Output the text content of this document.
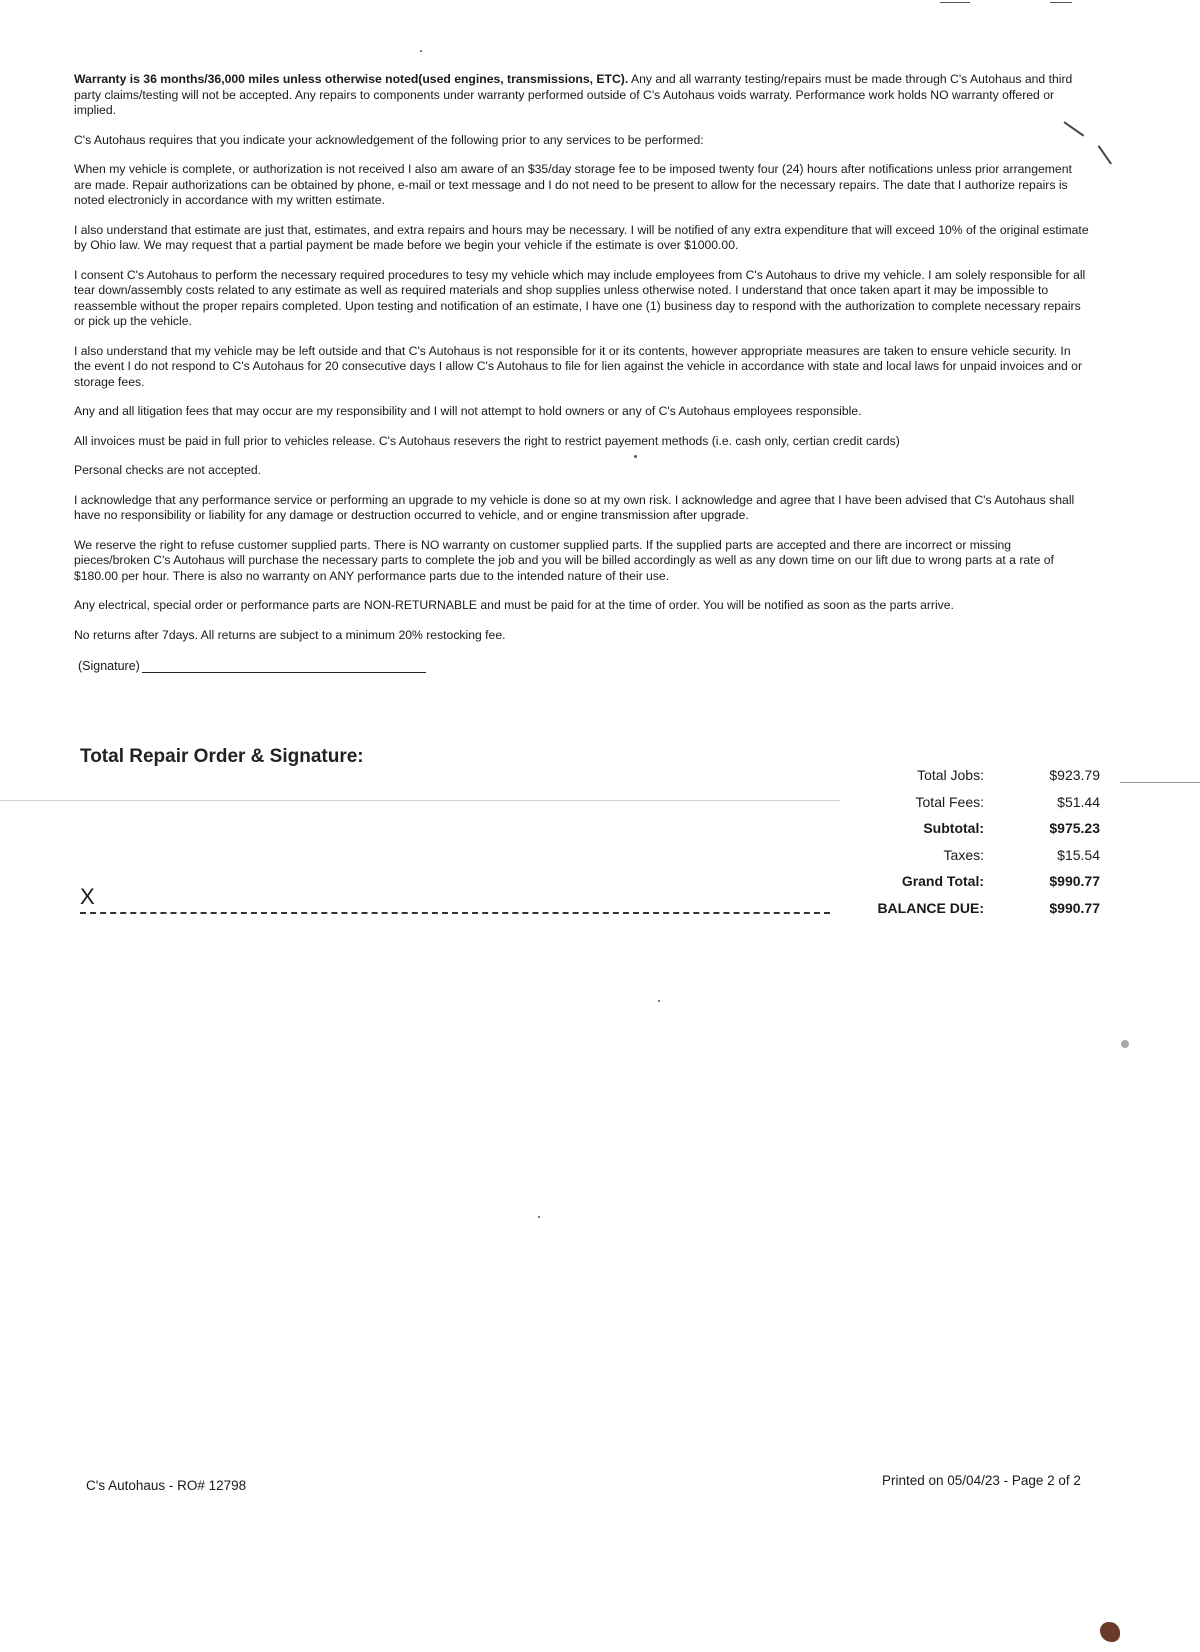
Warranty is 36 months/36,000 miles unless otherwise noted(used engines, transmissions, ETC). Any and all warranty testing/repairs must be made through C's Autohaus and third party claims/testing will not be accepted. Any repairs to components under warranty performed outside of C's Autohaus voids warraty. Performance work holds NO warranty offered or implied.

C's Autohaus requires that you indicate your acknowledgement of the following prior to any services to be performed:

When my vehicle is complete, or authorization is not received I also am aware of an $35/day storage fee to be imposed twenty four (24) hours after notifications unless prior arrangement are made. Repair authorizations can be obtained by phone, e-mail or text message and I do not need to be present to allow for the necessary repairs. The date that I authorize repairs is noted electronicly in accordance with my written estimate.

I also understand that estimate are just that, estimates, and extra repairs and hours may be necessary. I will be notified of any extra expenditure that will exceed 10% of the original estimate by Ohio law. We may request that a partial payment be made before we begin your vehicle if the estimate is over $1000.00.

I consent C's Autohaus to perform the necessary required procedures to tesy my vehicle which may include employees from C's Autohaus to drive my vehicle. I am solely responsible for all tear down/assembly costs related to any estimate as well as required materials and shop supplies unless otherwise noted. I understand that once taken apart it may be impossible to reassemble without the proper repairs completed. Upon testing and notification of an estimate, I have one (1) business day to respond with the authorization to complete necessary repairs or pick up the vehicle.

I also understand that my vehicle may be left outside and that C's Autohaus is not responsible for it or its contents, however appropriate measures are taken to ensure vehicle security. In the event I do not respond to C's Autohaus for 20 consecutive days I allow C's Autohaus to file for lien against the vehicle in accordance with state and local laws for unpaid invoices and or storage fees.

Any and all litigation fees that may occur are my responsibility and I will not attempt to hold owners or any of C's Autohaus employees responsible.

All invoices must be paid in full prior to vehicles release. C's Autohaus resevers the right to restrict payement methods (i.e. cash only, certian credit cards)

Personal checks are not accepted.

I acknowledge that any performance service or performing an upgrade to my vehicle is done so at my own risk. I acknowledge and agree that I have been advised that C's Autohaus shall have no responsibility or liability for any damage or destruction occurred to vehicle, and or engine transmission after upgrade.

We reserve the right to refuse customer supplied parts. There is NO warranty on customer supplied parts. If the supplied parts are accepted and there are incorrect or missing pieces/broken C's Autohaus will purchase the necessary parts to complete the job and you will be billed accordingly as well as any down time on our lift due to wrong parts at a rate of $180.00 per hour. There is also no warranty on ANY performance parts due to the intended nature of their use.

Any electrical, special order or performance parts are NON-RETURNABLE and must be paid for at the time of order. You will be notified as soon as the parts arrive.

No returns after 7days. All returns are subject to a minimum 20% restocking fee.

(Signature)
Total Repair Order & Signature:
Total Jobs:	$923.79
Total Fees:	$51.44
Subtotal:	$975.23
Taxes:	$15.54
Grand Total:	$990.77
BALANCE DUE:	$990.77
X
C's Autohaus - RO# 12798	Printed on 05/04/23 - Page 2 of 2
